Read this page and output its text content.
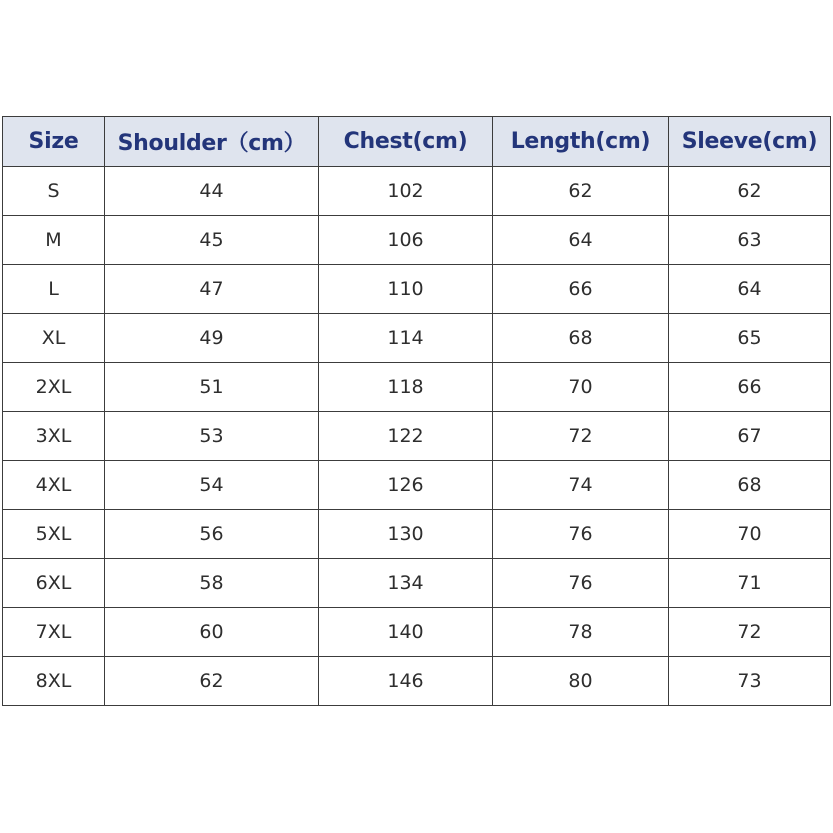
Size	Shoulder（cm）	Chest(cm)	Length(cm)	Sleeve(cm)
S	44	102	62	62
M	45	106	64	63
L	47	110	66	64
XL	49	114	68	65
2XL	51	118	70	66
3XL	53	122	72	67
4XL	54	126	74	68
5XL	56	130	76	70
6XL	58	134	76	71
7XL	60	140	78	72
8XL	62	146	80	73
